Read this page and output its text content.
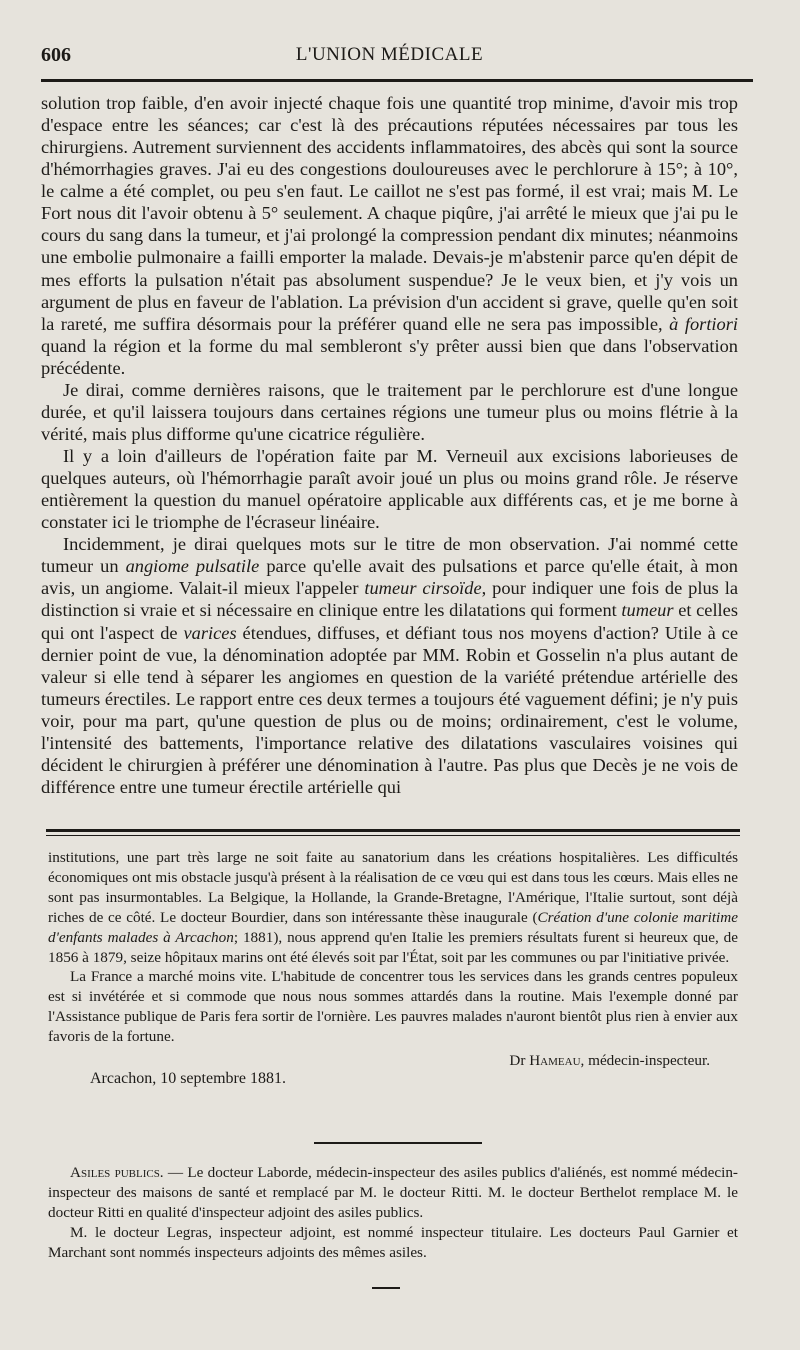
606	L'UNION MÉDICALE

solution trop faible, d'en avoir injecté chaque fois une quantité trop minime, d'avoir mis trop d'espace entre les séances; car c'est là des précautions réputées nécessaires par tous les chirurgiens. Autrement surviennent des accidents inflammatoires, des abcès qui sont la source d'hémorrhagies graves. J'ai eu des congestions douloureuses avec le perchlorure à 15°; à 10°, le calme a été complet, ou peu s'en faut. Le caillot ne s'est pas formé, il est vrai; mais M. Le Fort nous dit l'avoir obtenu à 5° seulement. A chaque piqûre, j'ai arrêté le mieux que j'ai pu le cours du sang dans la tumeur, et j'ai prolongé la compression pendant dix minutes; néanmoins une embolie pulmonaire a failli emporter la malade. Devais-je m'abstenir parce qu'en dépit de mes efforts la pulsation n'était pas absolument suspendue? Je le veux bien, et j'y vois un argument de plus en faveur de l'ablation. La prévision d'un accident si grave, quelle qu'en soit la rareté, me suffira désormais pour la préférer quand elle ne sera pas impossible, à fortiori quand la région et la forme du mal sembleront s'y prêter aussi bien que dans l'observation précédente.

Je dirai, comme dernières raisons, que le traitement par le perchlorure est d'une longue durée, et qu'il laissera toujours dans certaines régions une tumeur plus ou moins flétrie à la vérité, mais plus difforme qu'une cicatrice régulière.

Il y a loin d'ailleurs de l'opération faite par M. Verneuil aux excisions laborieuses de quelques auteurs, où l'hémorrhagie paraît avoir joué un plus ou moins grand rôle. Je réserve entièrement la question du manuel opératoire applicable aux différents cas, et je me borne à constater ici le triomphe de l'écraseur linéaire.

Incidemment, je dirai quelques mots sur le titre de mon observation. J'ai nommé cette tumeur un angiome pulsatile parce qu'elle avait des pulsations et parce qu'elle était, à mon avis, un angiome. Valait-il mieux l'appeler tumeur cirsoïde, pour indiquer une fois de plus la distinction si vraie et si nécessaire en clinique entre les dilatations qui forment tumeur et celles qui ont l'aspect de varices étendues, diffuses, et défiant tous nos moyens d'action? Utile à ce dernier point de vue, la dénomination adoptée par MM. Robin et Gosselin n'a plus autant de valeur si elle tend à séparer les angiomes en question de la variété prétendue artérielle des tumeurs érectiles. Le rapport entre ces deux termes a toujours été vaguement défini; je n'y puis voir, pour ma part, qu'une question de plus ou de moins; ordinairement, c'est le volume, l'intensité des battements, l'importance relative des dilatations vasculaires voisines qui décident le chirurgien à préférer une dénomination à l'autre. Pas plus que Decès je ne vois de différence entre une tumeur érectile artérielle qui

institutions, une part très large ne soit faite au sanatorium dans les créations hospitalières. Les difficultés économiques ont mis obstacle jusqu'à présent à la réalisation de ce vœu qui est dans tous les cœurs. Mais elles ne sont pas insurmontables. La Belgique, la Hollande, la Grande-Bretagne, l'Amérique, l'Italie surtout, sont déjà riches de ce côté. Le docteur Bourdier, dans son intéressante thèse inaugurale (Création d'une colonie maritime d'enfants malades à Arcachon; 1881), nous apprend qu'en Italie les premiers résultats furent si heureux que, de 1856 à 1879, seize hôpitaux marins ont été élevés soit par l'État, soit par les communes ou par l'initiative privée.

La France a marché moins vite. L'habitude de concentrer tous les services dans les grands centres populeux est si invétérée et si commode que nous nous sommes attardés dans la routine. Mais l'exemple donné par l'Assistance publique de Paris fera sortir de l'ornière. Les pauvres malades n'auront bientôt plus rien à envier aux favoris de la fortune.

Dr Hameau, médecin-inspecteur.
Arcachon, 10 septembre 1881.

Asiles publics. — Le docteur Laborde, médecin-inspecteur des asiles publics d'aliénés, est nommé médecin-inspecteur des maisons de santé et remplacé par M. le docteur Ritti. M. le docteur Berthelot remplace M. le docteur Ritti en qualité d'inspecteur adjoint des asiles publics.

M. le docteur Legras, inspecteur adjoint, est nommé inspecteur titulaire. Les docteurs Paul Garnier et Marchant sont nommés inspecteurs adjoints des mêmes asiles.
